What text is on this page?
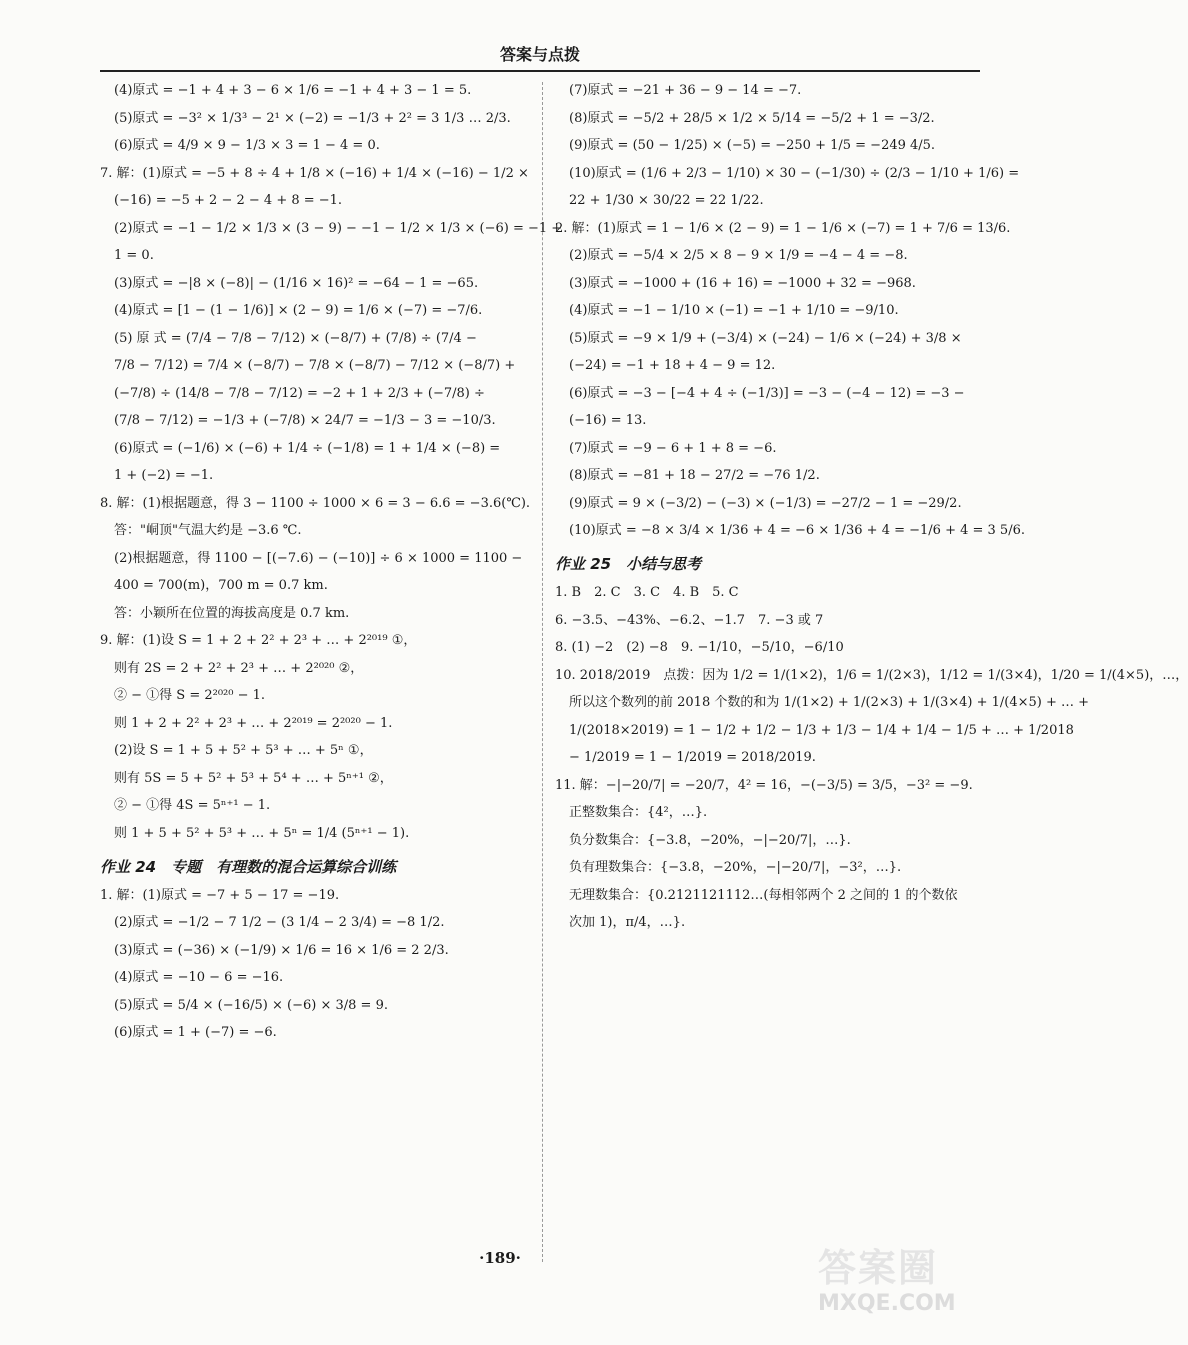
答案与点拨
(4)原式 = −1 + 4 + 3 − 6 × 1/6 = −1 + 4 + 3 − 1 = 5.
(5)原式 = −3² × 1/3³ − 2¹ × (−2) = −1/3 + 2² = 3 1/3 … 2/3.
(6)原式 = 4/9 × 9 − 1/3 × 3 = 1 − 4 = 0.
7. 解：(1)原式 = −5 + 8 ÷ 4 + 1/8 × (−16) + 1/4 × (−16) − 1/2 ×
(−16) = −5 + 2 − 2 − 4 + 8 = −1.
(2)原式 = −1 − 1/2 × 1/3 × (3 − 9) − −1 − 1/2 × 1/3 × (−6) = −1 +
1 = 0.
(3)原式 = −|8 × (−8)| − (1/16 × 16)² = −64 − 1 = −65.
(4)原式 = [1 − (1 − 1/6)] × (2 − 9) = 1/6 × (−7) = −7/6.
(5) 原 式 = (7/4 − 7/8 − 7/12) × (−8/7) + (7/8) ÷ (7/4 −
7/8 − 7/12) = 7/4 × (−8/7) − 7/8 × (−8/7) − 7/12 × (−8/7) +
(−7/8) ÷ (14/8 − 7/8 − 7/12) = −2 + 1 + 2/3 + (−7/8) ÷
(7/8 − 7/12) = −1/3 + (−7/8) × 24/7 = −1/3 − 3 = −10/3.
(6)原式 = (−1/6) × (−6) + 1/4 ÷ (−1/8) = 1 + 1/4 × (−8) =
1 + (−2) = −1.
8. 解：(1)根据题意，得 3 − 1100 ÷ 1000 × 6 = 3 − 6.6 = −3.6(℃).
答："峒顶"气温大约是 −3.6 ℃.
(2)根据题意，得 1100 − [(−7.6) − (−10)] ÷ 6 × 1000 = 1100 −
400 = 700(m)，700 m = 0.7 km.
答：小颖所在位置的海拔高度是 0.7 km.
9. 解：(1)设 S = 1 + 2 + 2² + 2³ + … + 2²⁰¹⁹ ①，
则有 2S = 2 + 2² + 2³ + … + 2²⁰²⁰ ②，
② − ①得 S = 2²⁰²⁰ − 1.
则 1 + 2 + 2² + 2³ + … + 2²⁰¹⁹ = 2²⁰²⁰ − 1.
(2)设 S = 1 + 5 + 5² + 5³ + … + 5ⁿ ①，
则有 5S = 5 + 5² + 5³ + 5⁴ + … + 5ⁿ⁺¹ ②，
② − ①得 4S = 5ⁿ⁺¹ − 1.
则 1 + 5 + 5² + 5³ + … + 5ⁿ = 1/4 (5ⁿ⁺¹ − 1).
作业 24　专题　有理数的混合运算综合训练
1. 解：(1)原式 = −7 + 5 − 17 = −19.
(2)原式 = −1/2 − 7 1/2 − (3 1/4 − 2 3/4) = −8 1/2.
(3)原式 = (−36) × (−1/9) × 1/6 = 16 × 1/6 = 2 2/3.
(4)原式 = −10 − 6 = −16.
(5)原式 = 5/4 × (−16/5) × (−6) × 3/8 = 9.
(6)原式 = 1 + (−7) = −6.
(7)原式 = −21 + 36 − 9 − 14 = −7.
(8)原式 = −5/2 + 28/5 × 1/2 × 5/14 = −5/2 + 1 = −3/2.
(9)原式 = (50 − 1/25) × (−5) = −250 + 1/5 = −249 4/5.
(10)原式 = (1/6 + 2/3 − 1/10) × 30 − (−1/30) ÷ (2/3 − 1/10 + 1/6) =
22 + 1/30 × 30/22 = 22 1/22.
2. 解：(1)原式 = 1 − 1/6 × (2 − 9) = 1 − 1/6 × (−7) = 1 + 7/6 = 13/6.
(2)原式 = −5/4 × 2/5 × 8 − 9 × 1/9 = −4 − 4 = −8.
(3)原式 = −1000 + (16 + 16) = −1000 + 32 = −968.
(4)原式 = −1 − 1/10 × (−1) = −1 + 1/10 = −9/10.
(5)原式 = −9 × 1/9 + (−3/4) × (−24) − 1/6 × (−24) + 3/8 ×
(−24) = −1 + 18 + 4 − 9 = 12.
(6)原式 = −3 − [−4 + 4 ÷ (−1/3)] = −3 − (−4 − 12) = −3 −
(−16) = 13.
(7)原式 = −9 − 6 + 1 + 8 = −6.
(8)原式 = −81 + 18 − 27/2 = −76 1/2.
(9)原式 = 9 × (−3/2) − (−3) × (−1/3) = −27/2 − 1 = −29/2.
(10)原式 = −8 × 3/4 × 1/36 + 4 = −6 × 1/36 + 4 = −1/6 + 4 = 3 5/6.
作业 25　小结与思考
1. B　2. C　3. C　4. B　5. C
6. −3.5、−43%、−6.2、−1.7　7. −3 或 7
8. (1) −2　(2) −8　9. −1/10，−5/10，−6/10
10. 2018/2019　点拨：因为 1/2 = 1/(1×2)，1/6 = 1/(2×3)，1/12 = 1/(3×4)，1/20 = 1/(4×5)，…，
所以这个数列的前 2018 个数的和为 1/(1×2) + 1/(2×3) + 1/(3×4) + 1/(4×5) + … +
1/(2018×2019) = 1 − 1/2 + 1/2 − 1/3 + 1/3 − 1/4 + 1/4 − 1/5 + … + 1/2018
− 1/2019 = 1 − 1/2019 = 2018/2019.
11. 解：−|−20/7| = −20/7，4² = 16，−(−3/5) = 3/5，−3² = −9.
正整数集合：{4²，…}.
负分数集合：{−3.8，−20%，−|−20/7|，…}.
负有理数集合：{−3.8，−20%，−|−20/7|，−3²，…}.
无理数集合：{0.2121121112…(每相邻两个 2 之间的 1 的个数依
次加 1)，π/4，…}.
·189·	答案圈
MXQE.COM
